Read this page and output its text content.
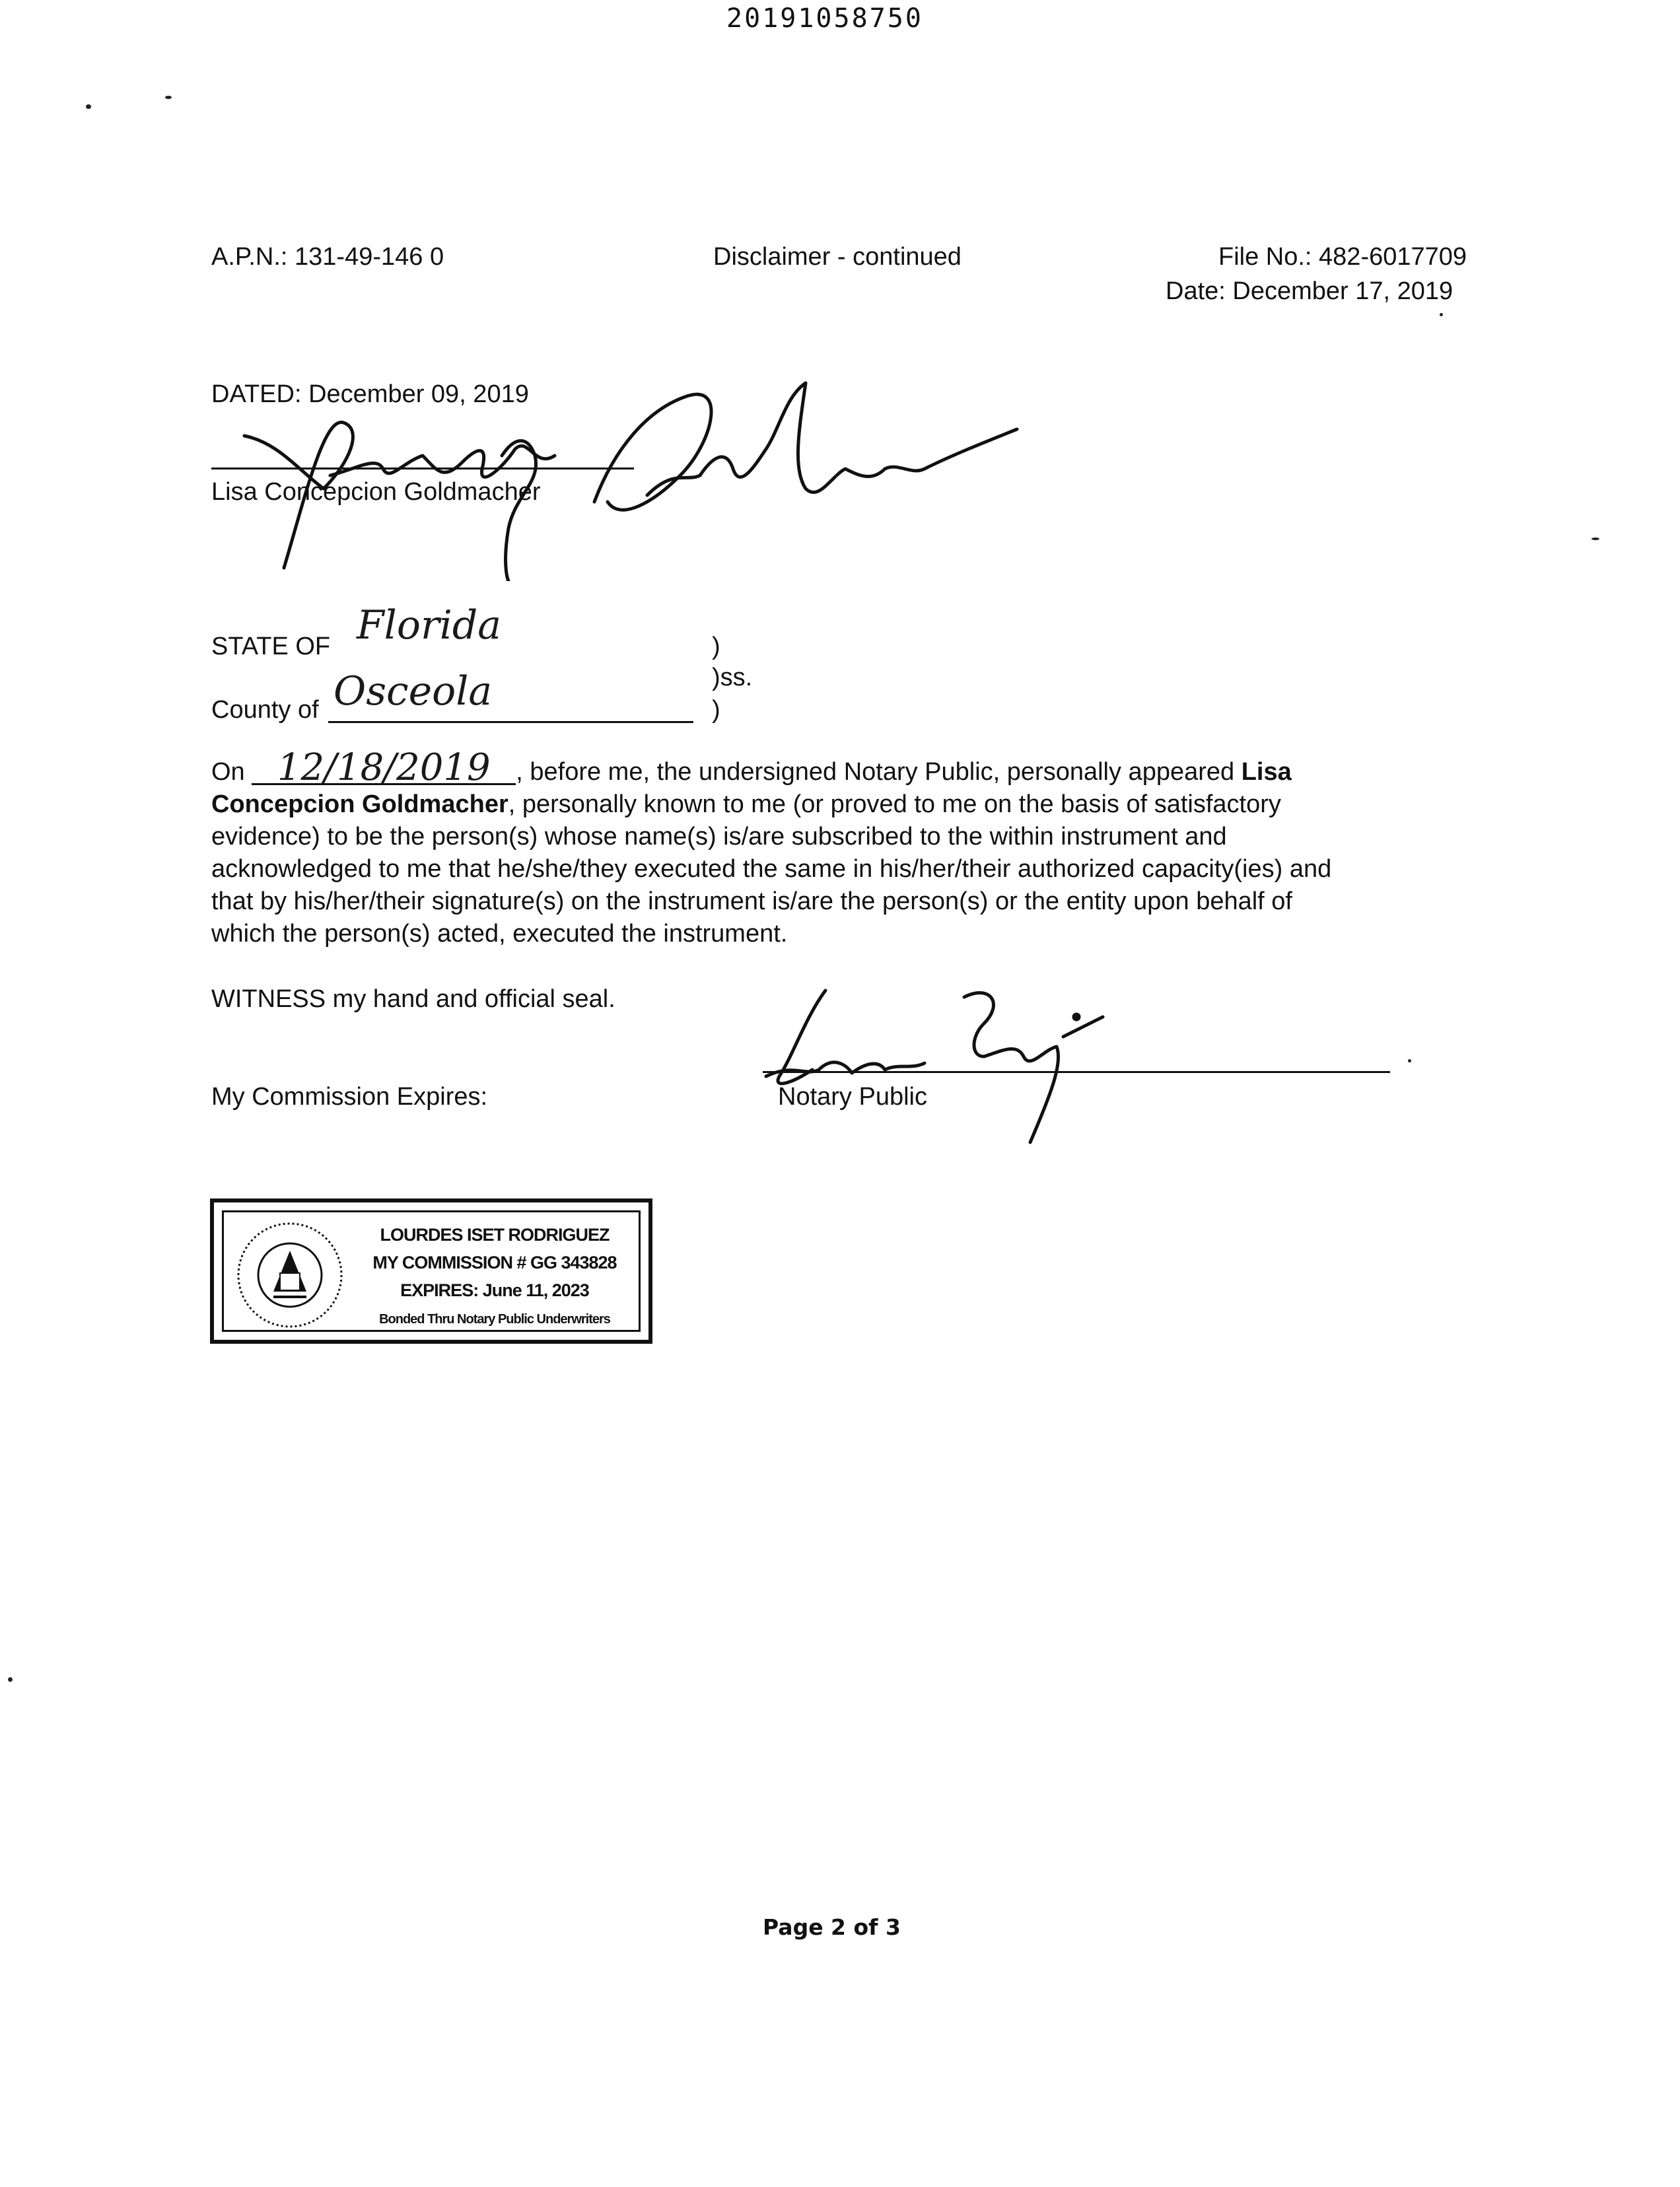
20191058750
A.P.N.: 131-49-146 0	Disclaimer - continued	File No.: 482-6017709
Date: December 17, 2019
DATED: December 09, 2019
Lisa Concepcion Goldmacher
STATE OF Florida	)
)ss.
County of Osceola	)
On 12/18/2019 , before me, the undersigned Notary Public, personally appeared Lisa
Concepcion Goldmacher, personally known to me (or proved to me on the basis of satisfactory
evidence) to be the person(s) whose name(s) is/are subscribed to the within instrument and
acknowledged to me that he/she/they executed the same in his/her/their authorized capacity(ies) and
that by his/her/their signature(s) on the instrument is/are the person(s) or the entity upon behalf of
which the person(s) acted, executed the instrument.
WITNESS my hand and official seal.
My Commission Expires:	Notary Public
LOURDES ISET RODRIGUEZ
MY COMMISSION # GG 343828
EXPIRES: June 11, 2023
Bonded Thru Notary Public Underwriters
Page 2 of 3
